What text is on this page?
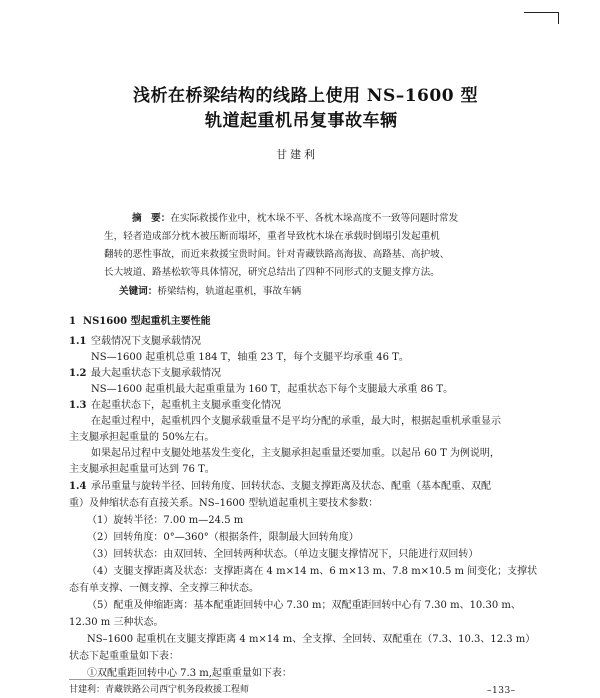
浅析在桥梁结构的线路上使用 NS–1600 型
轨道起重机吊复事故车辆
甘建利
摘　要：在实际救援作业中，枕木垛不平、各枕木垛高度不一致等问题时常发
生，轻者造成部分枕木被压断而塌坏，重者导致枕木垛在承载时倒塌引发起重机
翻转的恶性事故，而近来救援宝贵时间。针对青藏铁路高海拔、高路基、高护坡、
长大坡道、路基松软等具体情况，研究总结出了四种不同形式的支腿支撑方法。
关键词：桥梁结构，轨道起重机，事故车辆
1 NS1600 型起重机主要性能
1.1 空载情况下支腿承载情况
NS—1600 起重机总重 184 T，轴重 23 T，每个支腿平均承重 46 T。
1.2 最大起重状态下支腿承载情况
NS—1600 起重机最大起重重量为 160 T，起重状态下每个支腿最大承重 86 T。
1.3 在起重状态下，起重机主支腿承重变化情况
在起重过程中，起重机四个支腿承载重量不是平均分配的承重，最大时，根据起重机承重显示
主支腿承担起重量的 50%左右。
如果起吊过程中支腿处地基发生变化，主支腿承担起重量还要加重。以起吊 60 T 为例说明，
主支腿承担起重量可达到 76 T。
1.4 承吊重量与旋转半径、回转角度、回转状态、支腿支撑距离及状态、配重（基本配重、双配
重）及伸缩状态有直接关系。NS–1600 型轨道起重机主要技术参数：
（1）旋转半径：7.00 m—24.5 m
（2）回转角度：0°—360°（根据条件，限制最大回转角度）
（3）回转状态：由双回转、全回转两种状态。（单边支腿支撑情况下，只能进行双回转）
（4）支腿支撑距离及状态：支撑距离在 4 m×14 m、6 m×13 m、7.8 m×10.5 m 间变化；支撑状
态有单支撑、一侧支撑、全支撑三种状态。
（5）配重及伸缩距离：基本配重距回转中心 7.30 m；双配重距回转中心有 7.30 m、10.30 m、
12.30 m 三种状态。
NS–1600 起重机在支腿支撑距离 4 m×14 m、全支撑、全回转、双配重在（7.3、10.3、12.3 m）
状态下起重重量如下表：
①双配重距回转中心 7.3 m,起重重量如下表：
甘建利：青藏铁路公司西宁机务段救援工程师	–133–
